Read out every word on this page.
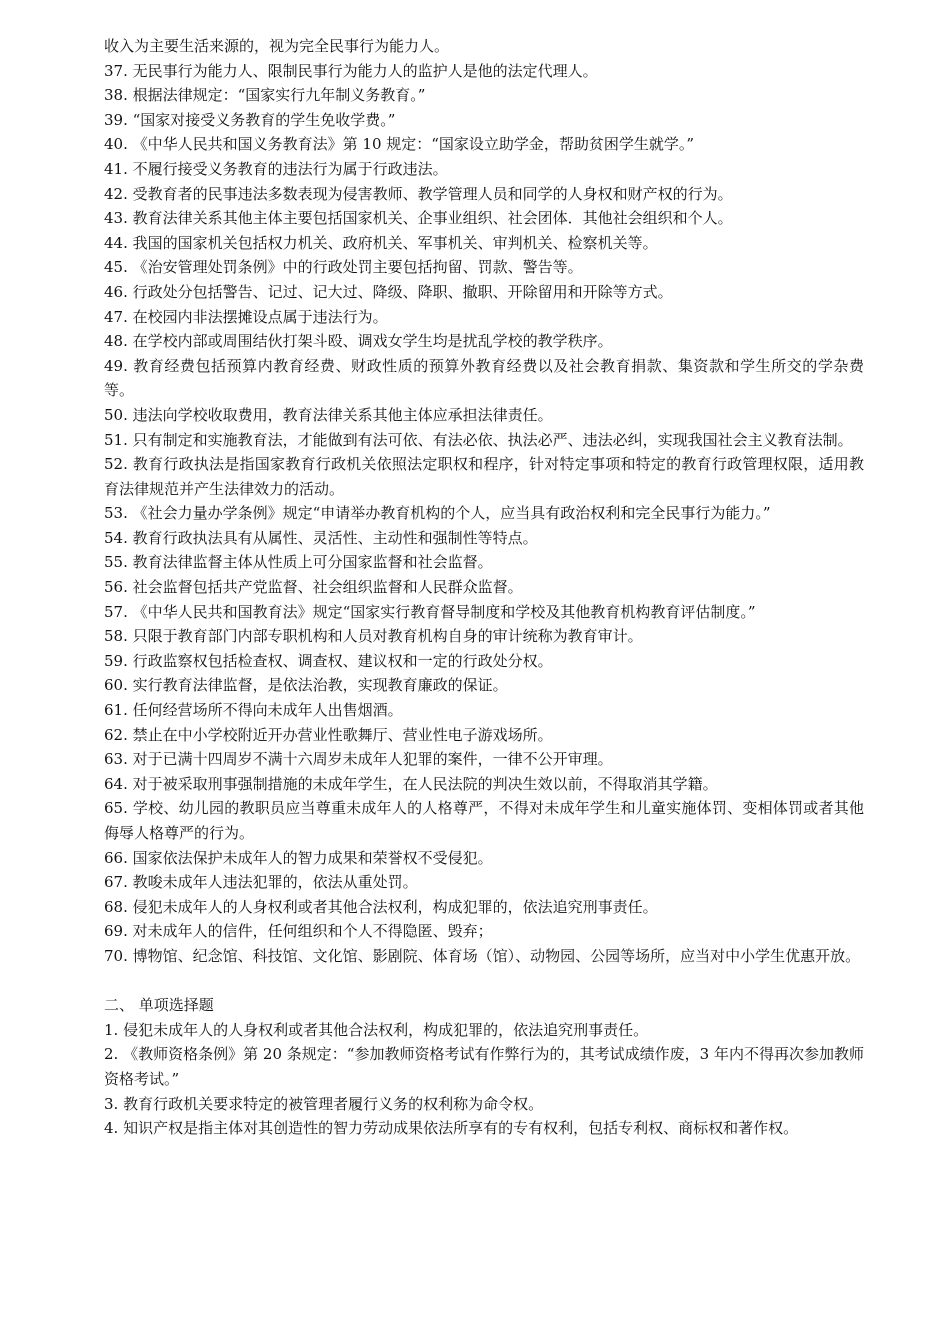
收入为主要生活来源的，视为完全民事行为能力人。

37. 无民事行为能力人、限制民事行为能力人的监护人是他的法定代理人。

38. 根据法律规定：“国家实行九年制义务教育。”

39. “国家对接受义务教育的学生免收学费。”

40. 《中华人民共和国义务教育法》第 10 规定：“国家设立助学金，帮助贫困学生就学。”

41. 不履行接受义务教育的违法行为属于行政违法。

42. 受教育者的民事违法多数表现为侵害教师、教学管理人员和同学的人身权和财产权的行为。

43. 教育法律关系其他主体主要包括国家机关、企事业组织、社会团体．其他社会组织和个人。

44. 我国的国家机关包括权力机关、政府机关、军事机关、审判机关、检察机关等。

45. 《治安管理处罚条例》中的行政处罚主要包括拘留、罚款、警告等。

46. 行政处分包括警告、记过、记大过、降级、降职、撤职、开除留用和开除等方式。

47. 在校园内非法摆摊设点属于违法行为。

48. 在学校内部或周围结伙打架斗殴、调戏女学生均是扰乱学校的教学秩序。

49. 教育经费包括预算内教育经费、财政性质的预算外教育经费以及社会教育捐款、集资款和学生所交的学杂费等。

50. 违法向学校收取费用，教育法律关系其他主体应承担法律责任。

51. 只有制定和实施教育法，才能做到有法可依、有法必依、执法必严、违法必纠，实现我国社会主义教育法制。

52. 教育行政执法是指国家教育行政机关依照法定职权和程序，针对特定事项和特定的教育行政管理权限，适用教育法律规范并产生法律效力的活动。

53. 《社会力量办学条例》规定“申请举办教育机构的个人，应当具有政治权利和完全民事行为能力。”

54. 教育行政执法具有从属性、灵活性、主动性和强制性等特点。

55. 教育法律监督主体从性质上可分国家监督和社会监督。

56. 社会监督包括共产党监督、社会组织监督和人民群众监督。

57. 《中华人民共和国教育法》规定“国家实行教育督导制度和学校及其他教育机构教育评估制度。”

58. 只限于教育部门内部专职机构和人员对教育机构自身的审计统称为教育审计。

59. 行政监察权包括检查权、调查权、建议权和一定的行政处分权。

60. 实行教育法律监督，是依法治教，实现教育廉政的保证。

61. 任何经营场所不得向未成年人出售烟酒。

62. 禁止在中小学校附近开办营业性歌舞厅、营业性电子游戏场所。

63. 对于已满十四周岁不满十六周岁未成年人犯罪的案件，一律不公开审理。

64. 对于被采取刑事强制措施的未成年学生，在人民法院的判决生效以前，不得取消其学籍。

65. 学校、幼儿园的教职员应当尊重未成年人的人格尊严，不得对未成年学生和儿童实施体罚、变相体罚或者其他侮辱人格尊严的行为。

66. 国家依法保护未成年人的智力成果和荣誉权不受侵犯。

67. 教唆未成年人违法犯罪的，依法从重处罚。

68. 侵犯未成年人的人身权利或者其他合法权利，构成犯罪的，依法追究刑事责任。

69. 对未成年人的信件，任何组织和个人不得隐匿、毁弃；

70. 博物馆、纪念馆、科技馆、文化馆、影剧院、体育场（馆）、动物园、公园等场所，应当对中小学生优惠开放。

二、 单项选择题

1. 侵犯未成年人的人身权利或者其他合法权利，构成犯罪的，依法追究刑事责任。

2. 《教师资格条例》第 20 条规定：“参加教师资格考试有作弊行为的，其考试成绩作废，3 年内不得再次参加教师资格考试。”

3. 教育行政机关要求特定的被管理者履行义务的权利称为命令权。

4. 知识产权是指主体对其创造性的智力劳动成果依法所享有的专有权利，包括专利权、商标权和著作权。
